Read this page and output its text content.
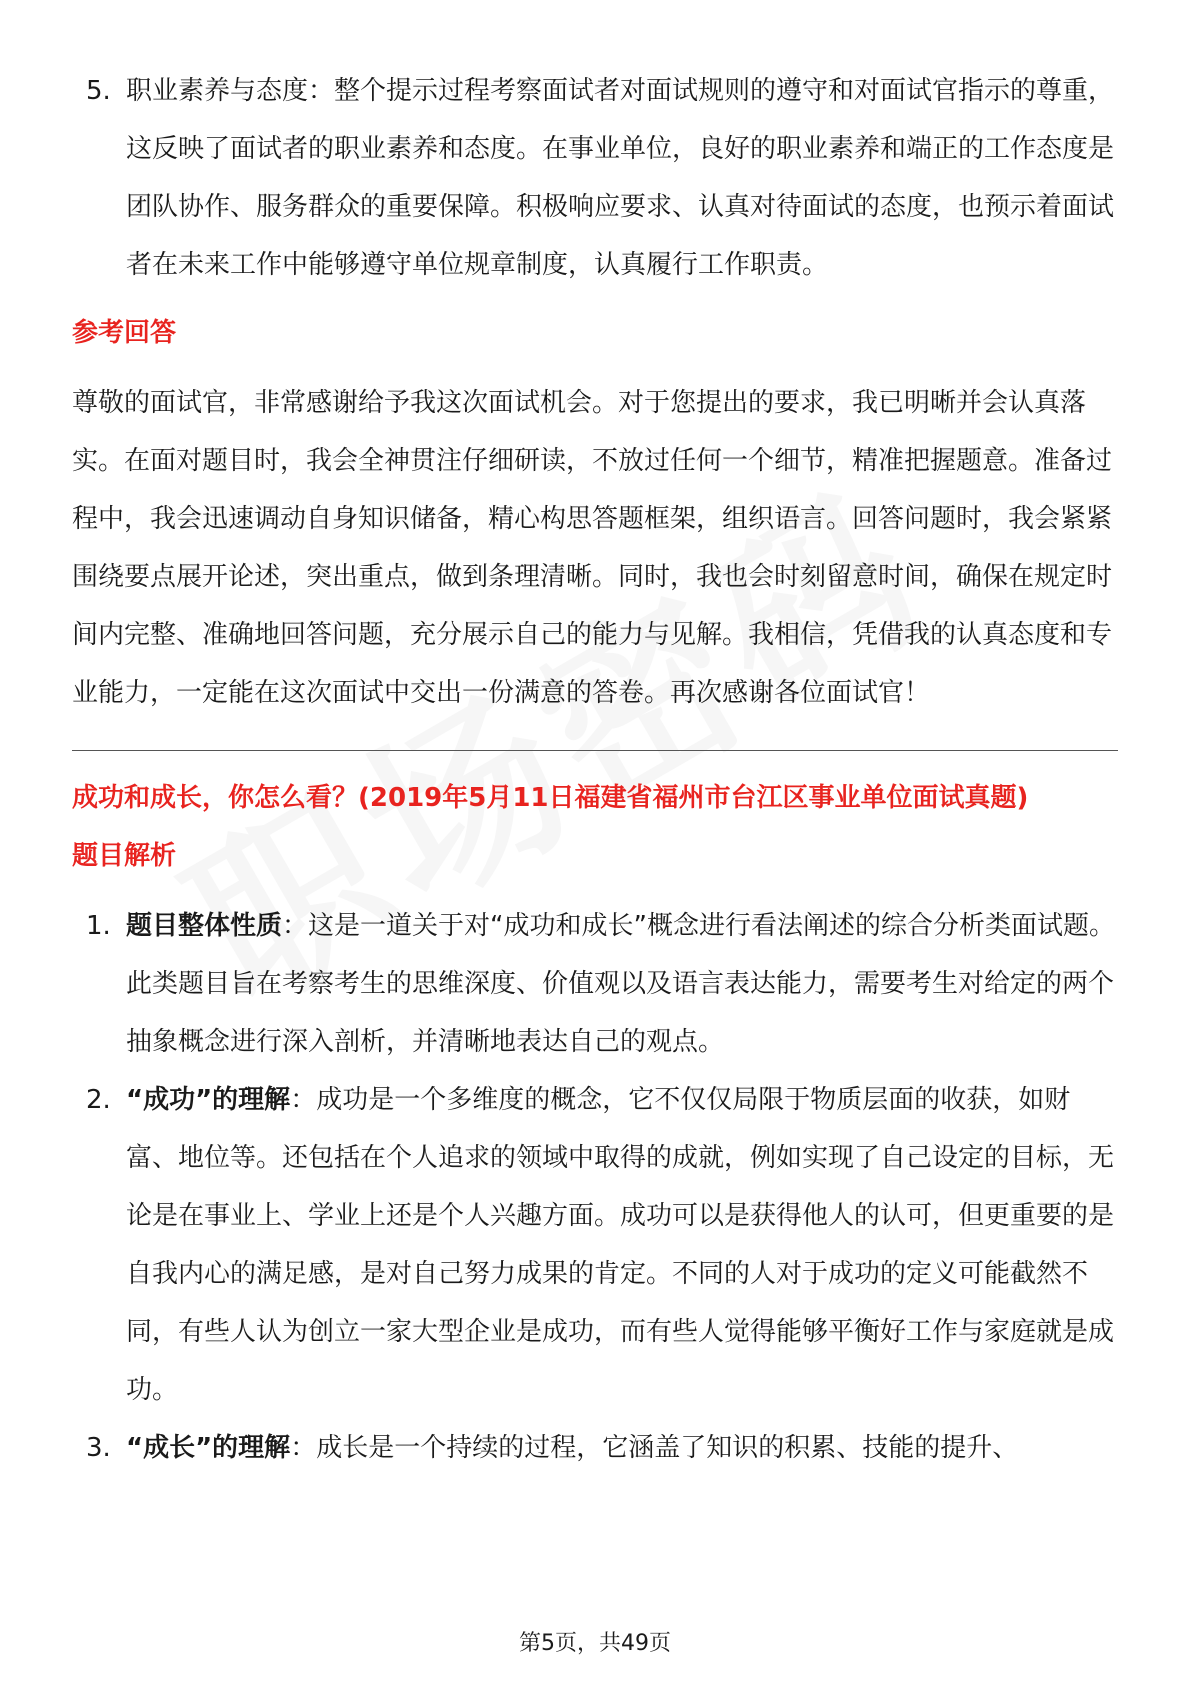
5. 职业素养与态度：整个提示过程考察面试者对面试规则的遵守和对面试官指示的尊重，这反映了面试者的职业素养和态度。在事业单位，良好的职业素养和端正的工作态度是团队协作、服务群众的重要保障。积极响应要求、认真对待面试的态度，也预示着面试者在未来工作中能够遵守单位规章制度，认真履行工作职责。
参考回答
尊敬的面试官，非常感谢给予我这次面试机会。对于您提出的要求，我已明晰并会认真落实。在面对题目时，我会全神贯注仔细研读，不放过任何一个细节，精准把握题意。准备过程中，我会迅速调动自身知识储备，精心构思答题框架，组织语言。回答问题时，我会紧紧围绕要点展开论述，突出重点，做到条理清晰。同时，我也会时刻留意时间，确保在规定时间内完整、准确地回答问题，充分展示自己的能力与见解。我相信，凭借我的认真态度和专业能力，一定能在这次面试中交出一份满意的答卷。再次感谢各位面试官！
成功和成长，你怎么看？(2019年5月11日福建省福州市台江区事业单位面试真题)
题目解析
1. 题目整体性质：这是一道关于对“成功和成长”概念进行看法阐述的综合分析类面试题。此类题目旨在考察考生的思维深度、价值观以及语言表达能力，需要考生对给定的两个抽象概念进行深入剖析，并清晰地表达自己的观点。
2. “成功”的理解：成功是一个多维度的概念，它不仅仅局限于物质层面的收获，如财富、地位等。还包括在个人追求的领域中取得的成就，例如实现了自己设定的目标，无论是在事业上、学业上还是个人兴趣方面。成功可以是获得他人的认可，但更重要的是自我内心的满足感，是对自己努力成果的肯定。不同的人对于成功的定义可能截然不同，有些人认为创立一家大型企业是成功，而有些人觉得能够平衡好工作与家庭就是成功。
3. “成长”的理解：成长是一个持续的过程，它涵盖了知识的积累、技能的提升、
第5页，共49页
